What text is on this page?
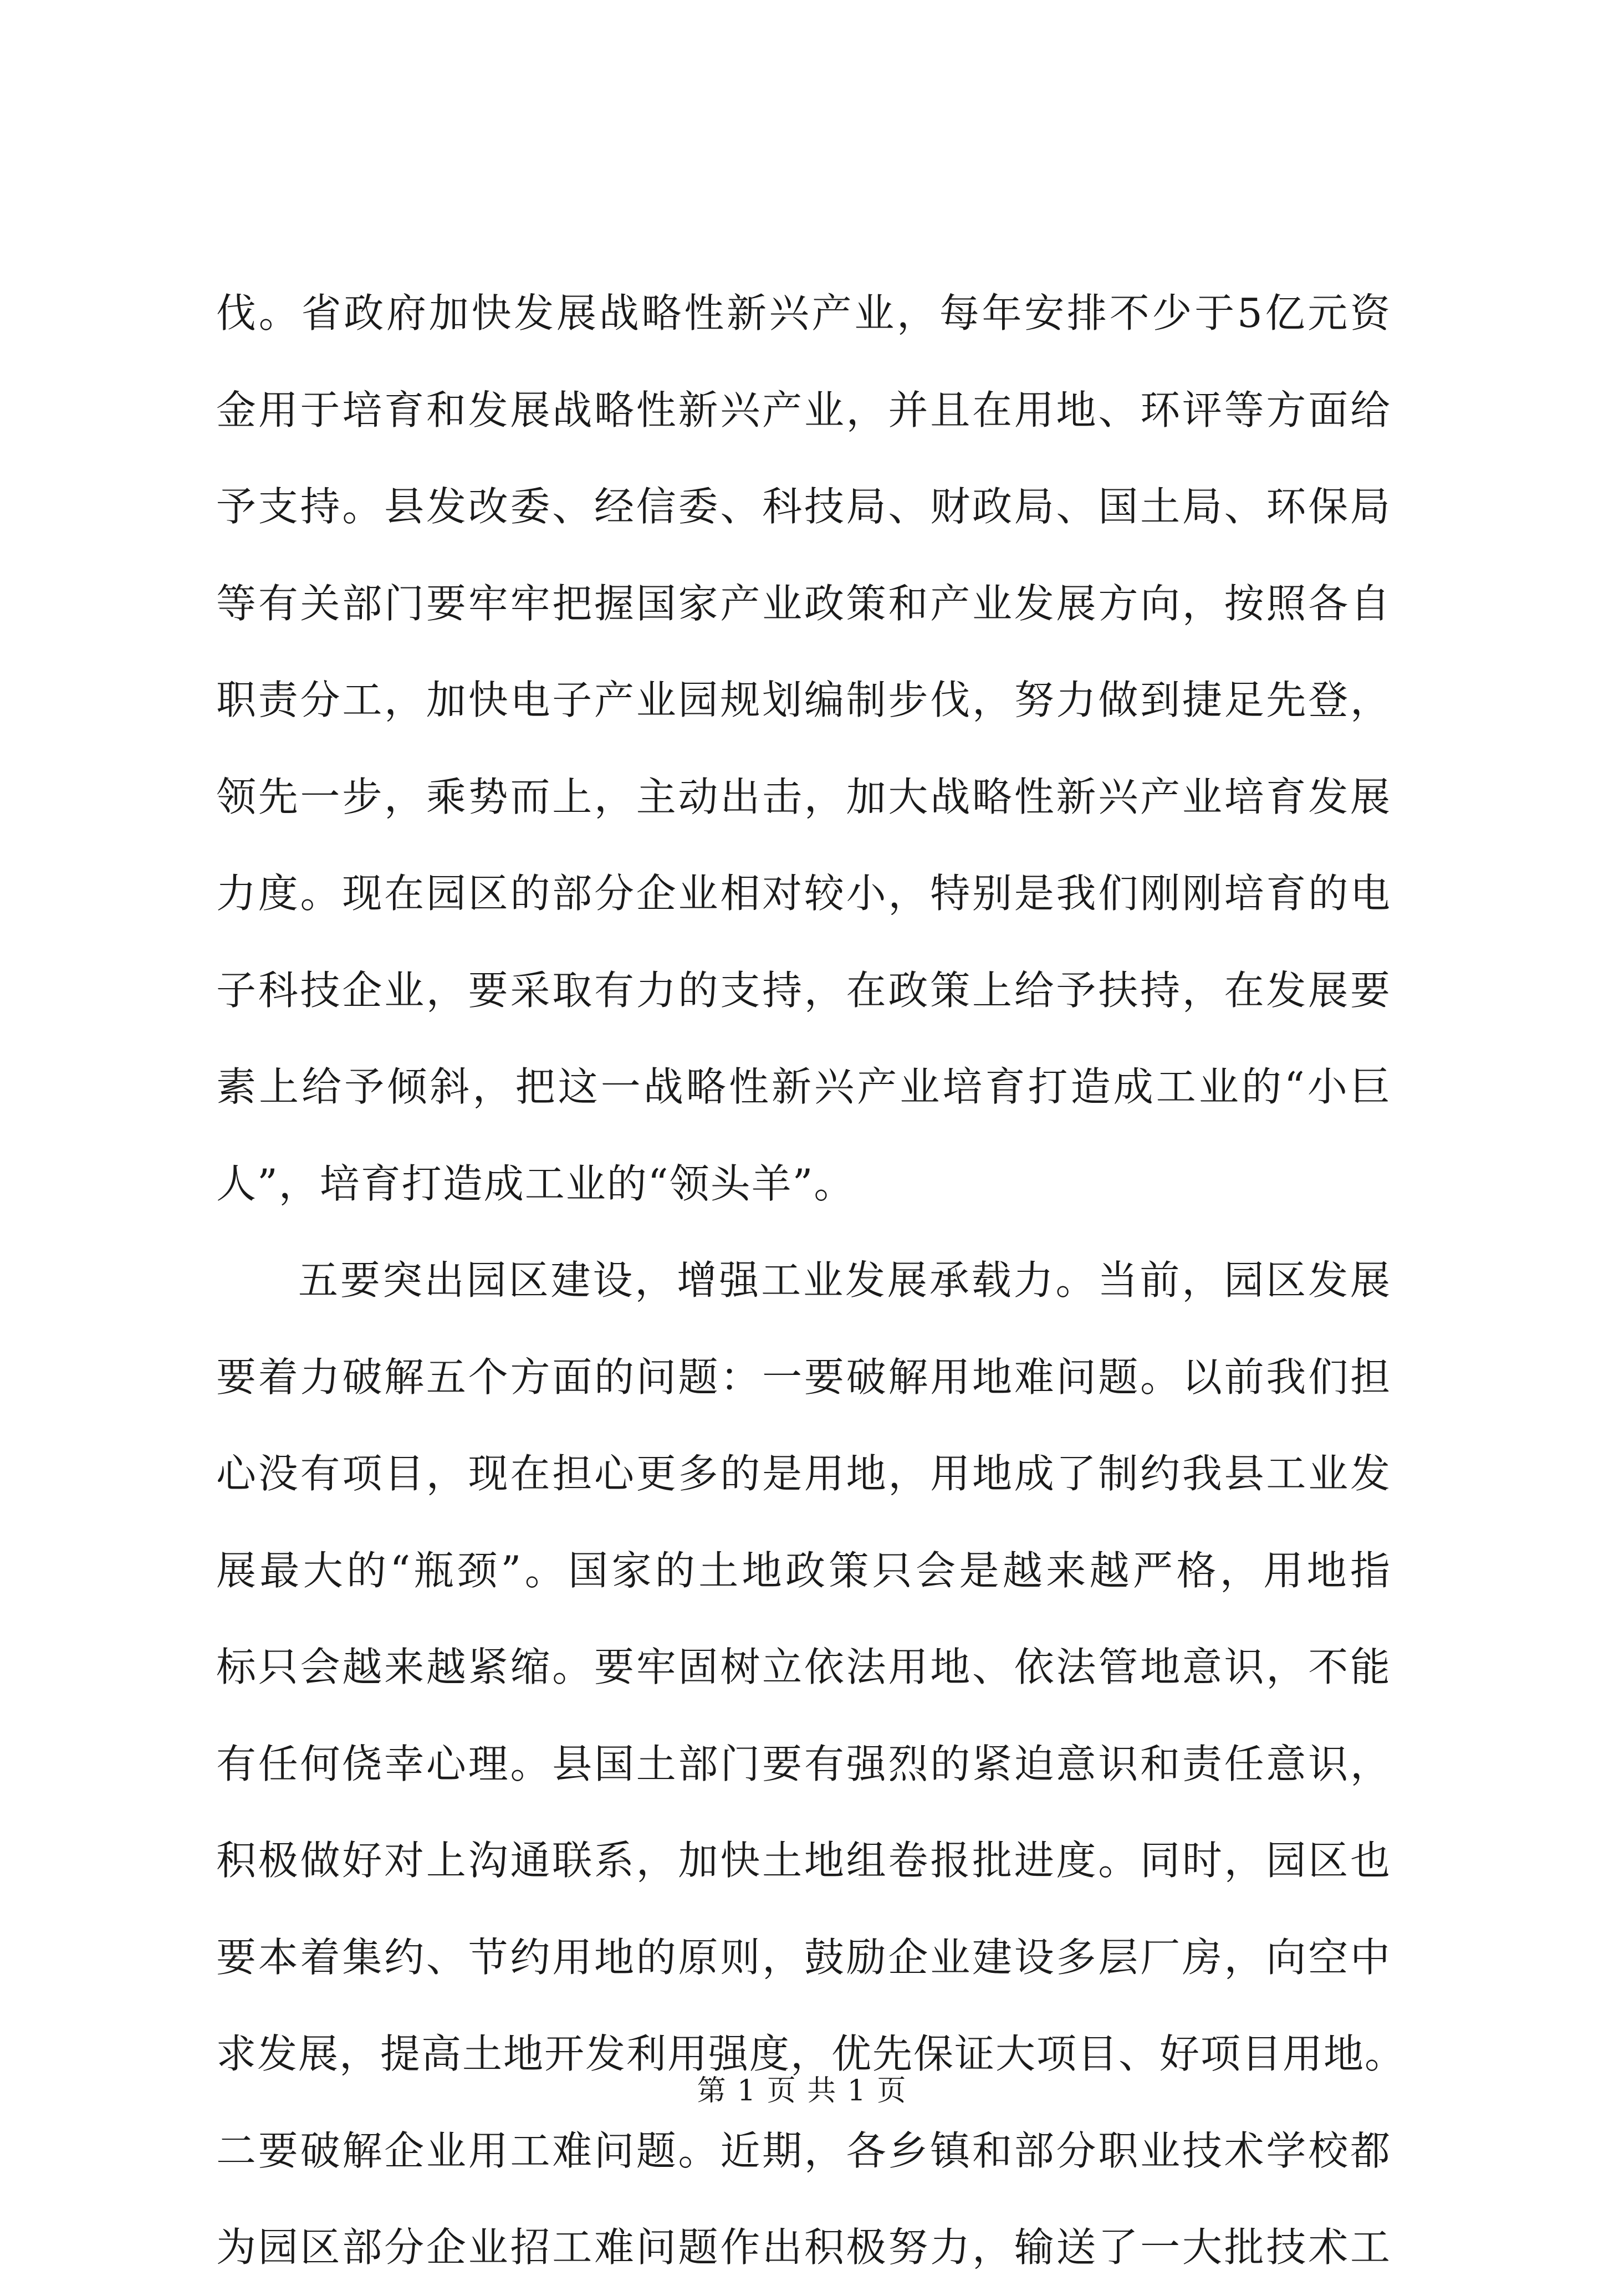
伐。省政府加快发展战略性新兴产业，每年安排不少于5亿元资
金用于培育和发展战略性新兴产业，并且在用地、环评等方面给
予支持。县发改委、经信委、科技局、财政局、国土局、环保局
等有关部门要牢牢把握国家产业政策和产业发展方向，按照各自
职责分工，加快电子产业园规划编制步伐，努力做到捷足先登，
领先一步，乘势而上，主动出击，加大战略性新兴产业培育发展
力度。现在园区的部分企业相对较小，特别是我们刚刚培育的电
子科技企业，要采取有力的支持，在政策上给予扶持，在发展要
素上给予倾斜，把这一战略性新兴产业培育打造成工业的“小巨
人”，培育打造成工业的“领头羊”。
五要突出园区建设，增强工业发展承载力。当前，园区发展
要着力破解五个方面的问题：一要破解用地难问题。以前我们担
心没有项目，现在担心更多的是用地，用地成了制约我县工业发
展最大的“瓶颈”。国家的土地政策只会是越来越严格，用地指
标只会越来越紧缩。要牢固树立依法用地、依法管地意识，不能
有任何侥幸心理。县国土部门要有强烈的紧迫意识和责任意识，
积极做好对上沟通联系，加快土地组卷报批进度。同时，园区也
要本着集约、节约用地的原则，鼓励企业建设多层厂房，向空中
求发展，提高土地开发利用强度，优先保证大项目、好项目用地。
二要破解企业用工难问题。近期，各乡镇和部分职业技术学校都
为园区部分企业招工难问题作出积极努力，输送了一大批技术工
第 1 页 共 1 页
